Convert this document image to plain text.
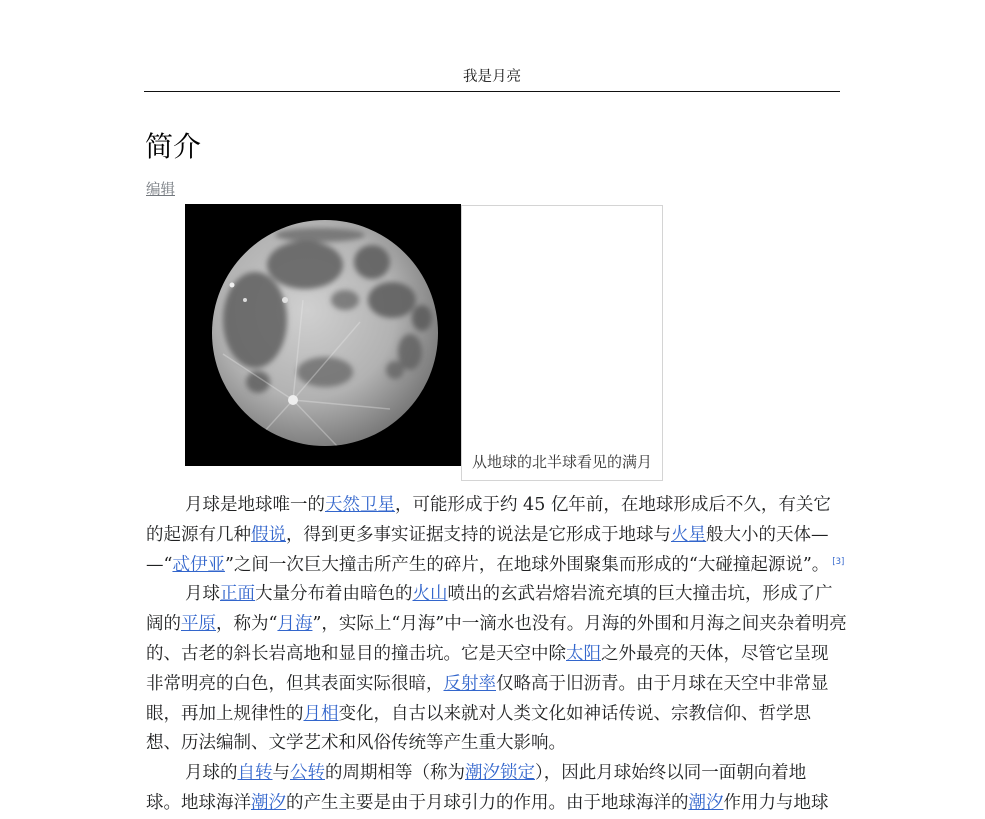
我是月亮
简介
编辑
从地球的北半球看见的满月

月球是地球唯一的天然卫星，可能形成于约 45 亿年前，在地球形成后不久，有关它
的起源有几种假说，得到更多事实证据支持的说法是它形成于地球与火星般大小的天体—
—“忒伊亚”之间一次巨大撞击所产生的碎片，在地球外围聚集而形成的“大碰撞起源说”。 [3]

月球正面大量分布着由暗色的火山喷出的玄武岩熔岩流充填的巨大撞击坑，形成了广
阔的平原，称为“月海”，实际上“月海”中一滴水也没有。月海的外围和月海之间夹杂着明亮
的、古老的斜长岩高地和显目的撞击坑。它是天空中除太阳之外最亮的天体，尽管它呈现
非常明亮的白色，但其表面实际很暗，反射率仅略高于旧沥青。由于月球在天空中非常显
眼，再加上规律性的月相变化，自古以来就对人类文化如神话传说、宗教信仰、哲学思
想、历法编制、文学艺术和风俗传统等产生重大影响。

月球的自转与公转的周期相等（称为潮汐锁定），因此月球始终以同一面朝向着地
球。地球海洋潮汐的产生主要是由于月球引力的作用。由于地球海洋的潮汐作用力与地球
